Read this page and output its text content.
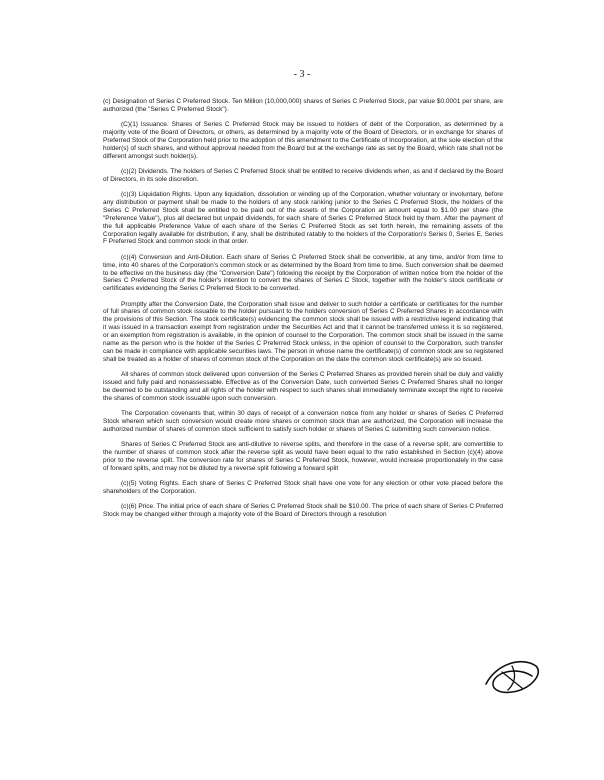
- 3 -

(c) Designation of Series C Preferred Stock. Ten Million (10,000,000) shares of Series C Preferred Stock, par value $0.0001 per share, are authorized (the "Series C Preferred Stock").

(C)(1) Issuance. Shares of Series C Preferred Stock may be issued to holders of debt of the Corporation, as determined by a majority vote of the Board of Directors, or others, as determined by a majority vote of the Board of Directors, or in exchange for shares of Preferred Stock of the Corporation held prior to the adoption of this amendment to the Certificate of Incorporation, at the sole election of the holder(s) of such shares, and without approval needed from the Board but at the exchange rate as set by the Board, which rate shall not be different amongst such holder(s).

(c)(2) Dividends. The holders of Series C Preferred Stock shall be entitled to receive dividends when, as and if declared by the Board of Directors, in its sole discretion.

(c)(3) Liquidation Rights. Upon any liquidation, dissolution or winding up of the Corporation, whether voluntary or involuntary, before any distribution or payment shall be made to the holders of any stock ranking junior to the Series C Preferred Stock, the holders of the Series C Preferred Stock shall be entitled to be paid out of the assets of the Corporation an amount equal to $1.00 per share (the "Preference Value"), plus all declared but unpaid dividends, for each share of Series C Preferred Stock held by them. After the payment of the full applicable Preference Value of each share of the Series C Preferred Stock as set forth herein, the remaining assets of the Corporation legally available for distribution, if any, shall be distributed ratably to the holders of the Corporation's Series 0, Series E, Series F Preferred Stock and common stock in that order.

(c)(4) Conversion and Anti-Dilution. Each share of Series C Preferred Stock shall be convertible, at any time, and/or from time to time, into 40 shares of the Corporation's common stock or as determined by the Board from time to time. Such conversion shall be deemed to be effective on the business day (the "Conversion Date") following the receipt by the Corporation of written notice from the holder of the Series C Preferred Stock of the holder's intention to convert the shares of Series C Stock, together with the holder's stock certificate or certificates evidencing the Series C Preferred Stock to be converted.

Promptly after the Conversion Date, the Corporation shall issue and deliver to such holder a certificate or certificates for the number of full shares of common stock issuable to the holder pursuant to the holders conversion of Series C Preferred Shares in accordance with the provisions of this Section. The stock certificate(s) evidencing the common stock shall be issued with a restrictive legend indicating that it was issued in a transaction exempt from registration under the Securities Act and that it cannot be transferred unless it is so registered, or an exemption from registration is available, in the opinion of counsel to the Corporation. The common stock shall be issued in the same name as the person who is the holder of the Series C Preferred Stock unless, in the opinion of counsel to the Corporation, such transfer can be made in compliance with applicable securities laws. The person in whose name the certificate(s) of common stock are so registered shall be treated as a holder of shares of common stock of the Corporation on the date the common stock certificate(s) are so issued.

All shares of common stock delivered upon conversion of the Series C Preferred Shares as provided herein shall be duly and validly issued and fully paid and nonassessable. Effective as of the Conversion Date, such converted Series C Preferred Shares shall no longer be deemed to be outstanding and all rights of the holder with respect to such shares shall immediately terminate except the right to receive the shares of common stock issuable upon such conversion.

The Corporation covenants that, within 30 days of receipt of a conversion notice from any holder or shares of Series C Preferred Stock wherein which such conversion would create more shares or common stock than are authorized, the Corporation will increase the authorized number of shares of common stock sufficient to satisfy such holder or shares of Series C submitting such conversion notice.

Shares of Series C Preferred Stock are anti-dilutive to reverse splits, and therefore in the case of a reverse split, are convertible to the number of shares of common stock after the reverse split as would have been equal to the ratio established in Section (c)(4) above prior to the reverse split. The conversion rate for shares of Series C Preferred Stock, however, would increase proportionately in the case of forward splits, and may not be diluted by a reverse split following a forward split

(c)(5) Voting Rights. Each share of Series C Preferred Stock shall have one vote for any election or other vote placed before the shareholders of the Corporation.

(c)(6) Price. The initial price of each share of Series C Preferred Stock shall be $10.00. The price of each share of Series C Preferred Stock may be changed either through a majority vote of the Board of Directors through a resolution
